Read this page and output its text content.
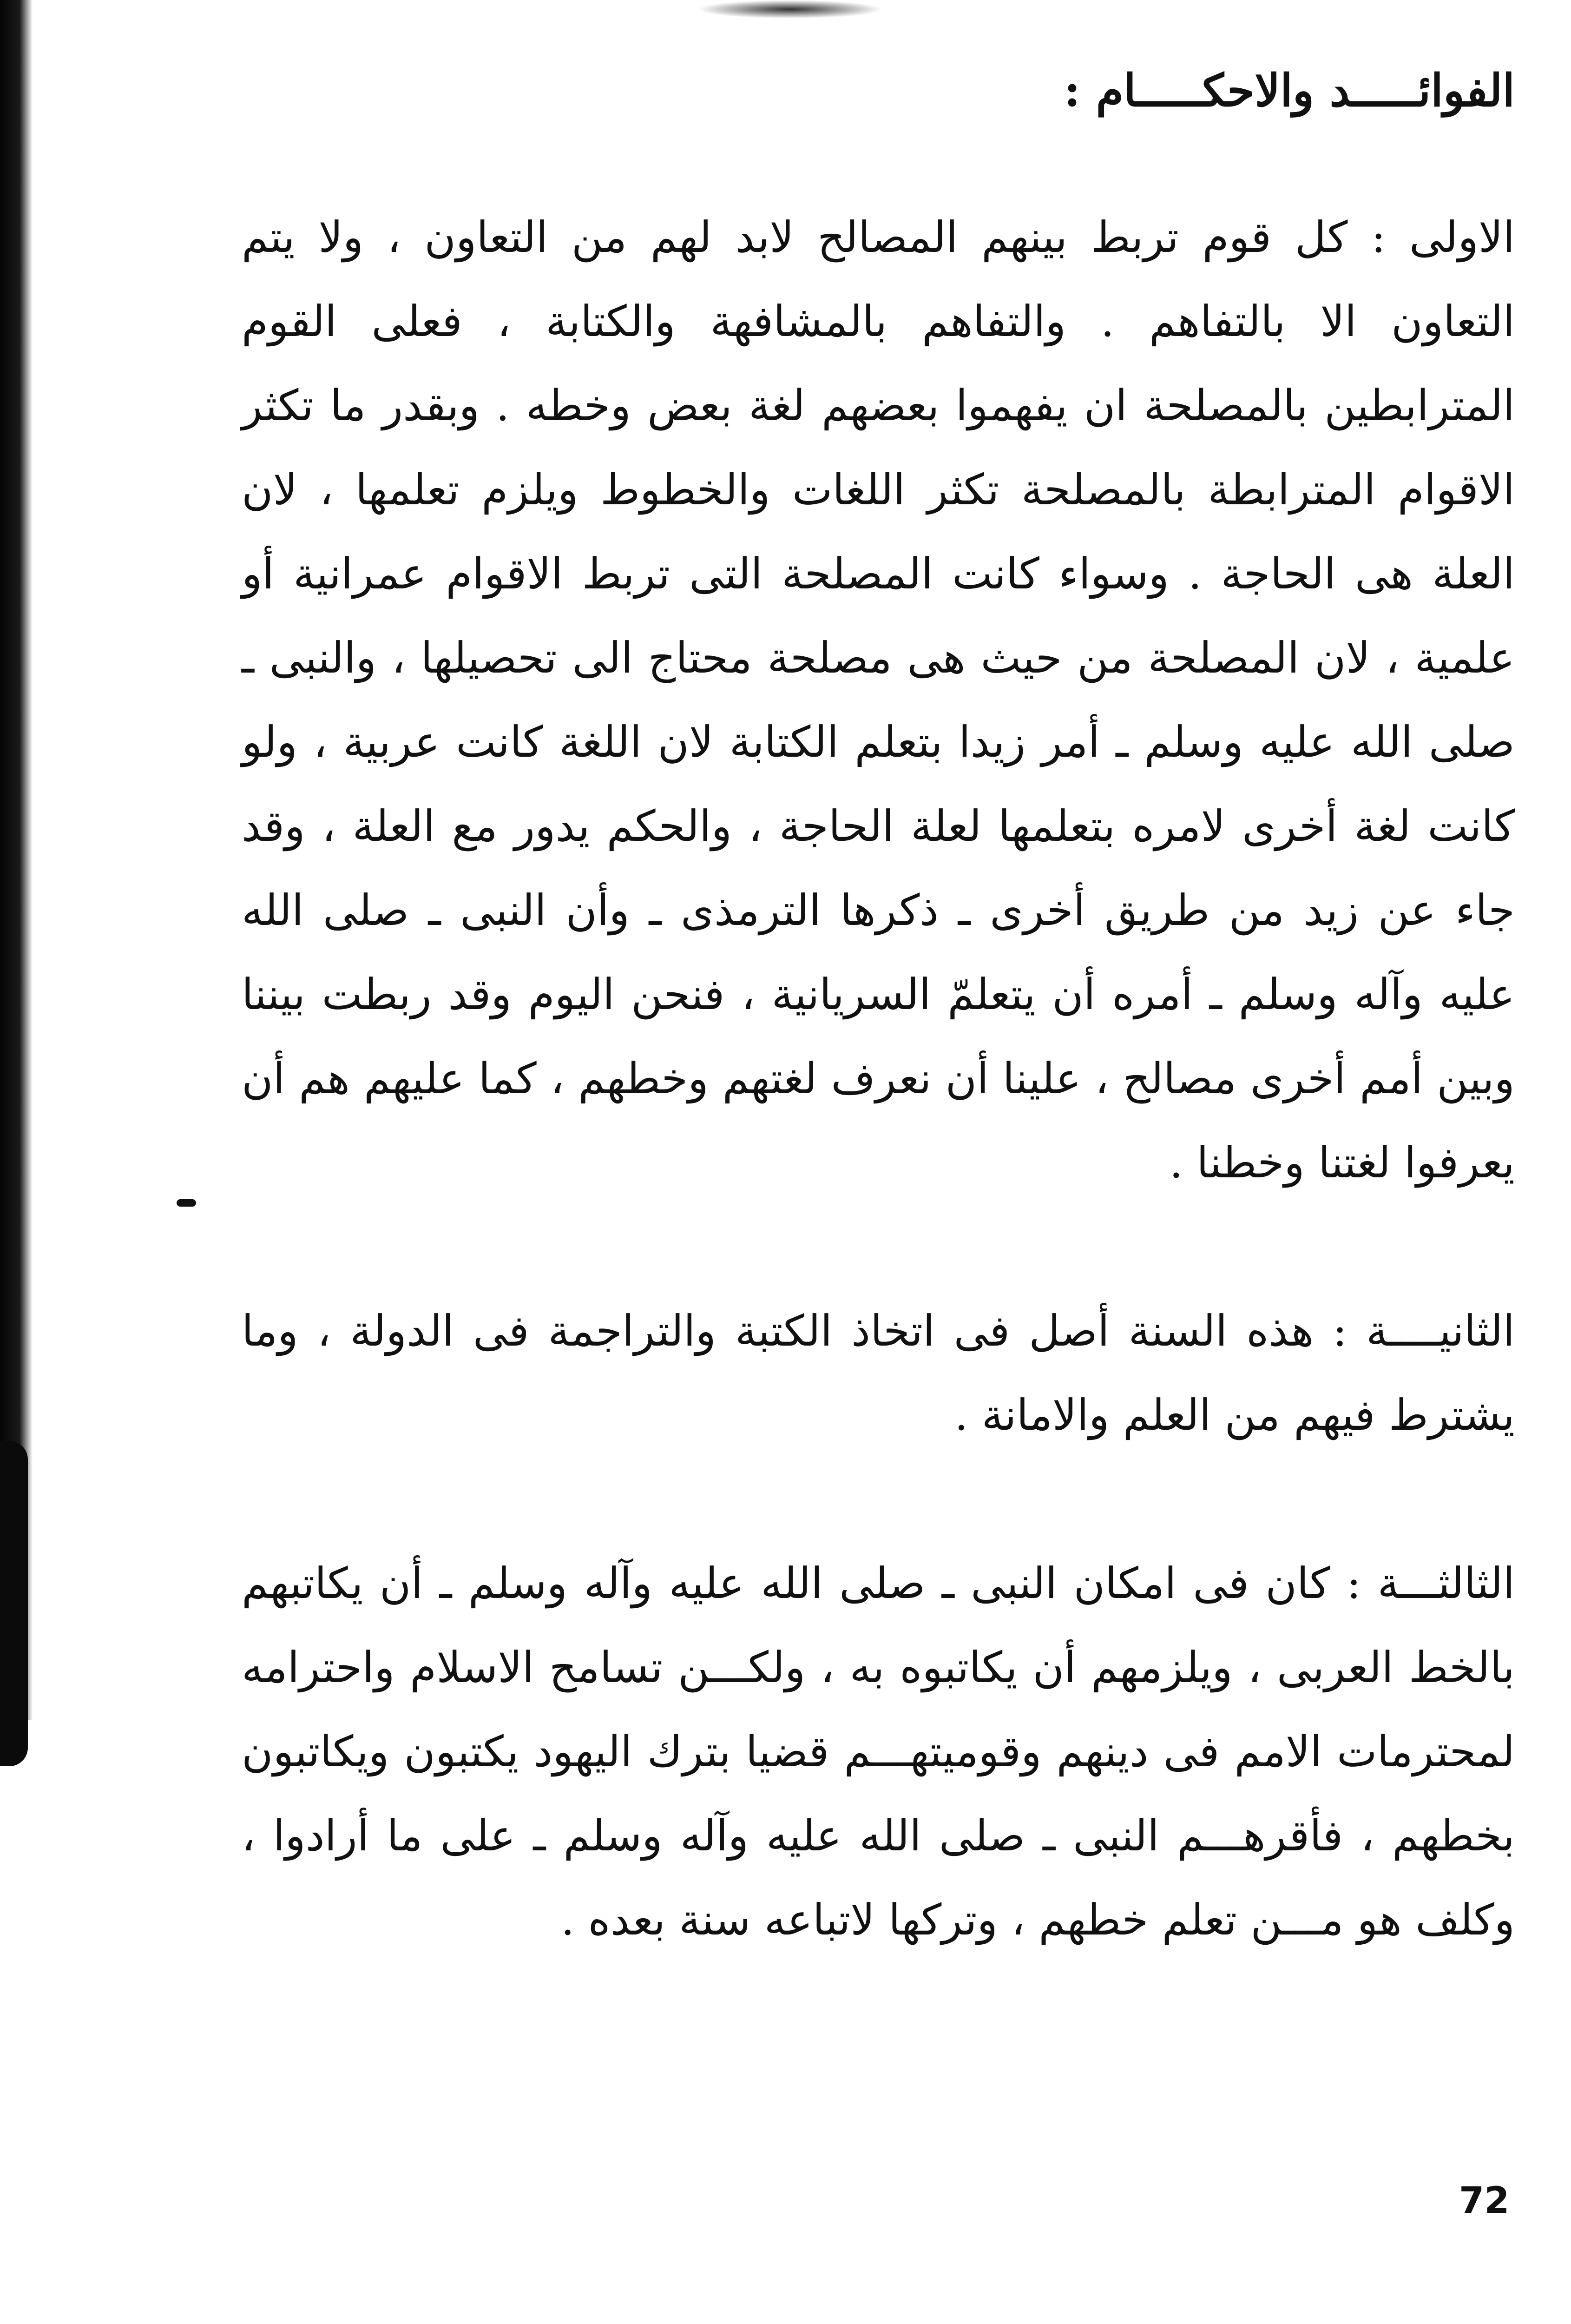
الفوائـــــد والاحكـــــام :

الاولى : كل قوم تربط بينهم المصالح لابد لهم من التعاون ، ولا يتم التعاون الا بالتفاهم . والتفاهم بالمشافهة والكتابة ، فعلى القوم المترابطين بالمصلحة ان يفهموا بعضهم لغة بعض وخطه . وبقدر ما تكثر الاقوام المترابطة بالمصلحة تكثر اللغات والخطوط ويلزم تعلمها ، لان العلة هى الحاجة . وسواء كانت المصلحة التى تربط الاقوام عمرانية أو علمية ، لان المصلحة من حيث هى مصلحة محتاج الى تحصيلها ، والنبى ـ صلى الله عليه وسلم ـ أمر زيدا بتعلم الكتابة لان اللغة كانت عربية ، ولو كانت لغة أخرى لامره بتعلمها لعلة الحاجة ، والحكم يدور مع العلة ، وقد جاء عن زيد من طريق أخرى ـ ذكرها الترمذى ـ وأن النبى ـ صلى الله عليه وآله وسلم ـ أمره أن يتعلمّ السريانية ، فنحن اليوم وقد ربطت بيننا وبين أمم أخرى مصالح ، علينا أن نعرف لغتهم وخطهم ، كما عليهم هم أن يعرفوا لغتنا وخطنا .

الثانيــــة : هذه السنة أصل فى اتخاذ الكتبة والتراجمة فى الدولة ، وما يشترط فيهم من العلم والامانة .

الثالثـــة : كان فى امكان النبى ـ صلى الله عليه وآله وسلم ـ أن يكاتبهم بالخط العربى ، ويلزمهم أن يكاتبوه به ، ولكـــن تسامح الاسلام واحترامه لمحترمات الامم فى دينهم وقوميتهـــم قضيا بترك اليهود يكتبون ويكاتبون بخطهم ، فأقرهـــم النبى ـ صلى الله عليه وآله وسلم ـ على ما أرادوا ، وكلف هو مـــن تعلم خطهم ، وتركها لاتباعه سنة بعده .

72
